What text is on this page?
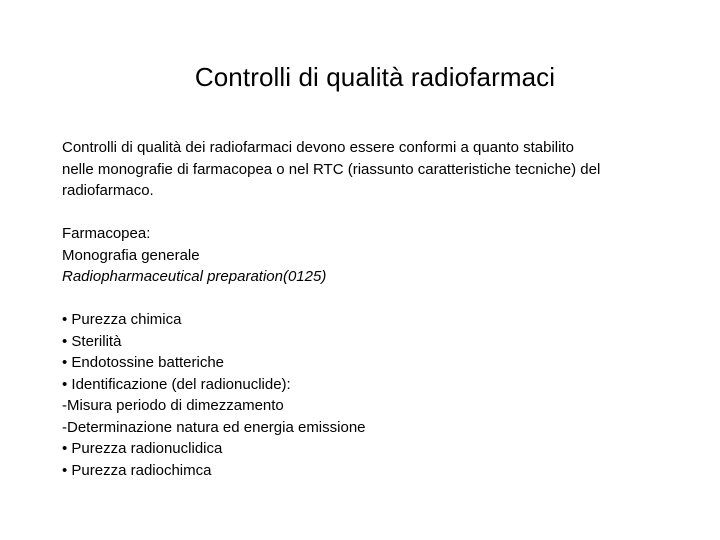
Controlli di qualità radiofarmaci
Controlli di qualità dei radiofarmaci devono essere conformi a quanto stabilito
nelle monografie di farmacopea o nel RTC (riassunto caratteristiche tecniche) del
radiofarmaco.
Farmacopea:
Monografia generale
Radiopharmaceutical preparation(0125)
• Purezza chimica
• Sterilità
• Endotossine batteriche
• Identificazione (del radionuclide):
-Misura periodo di dimezzamento
-Determinazione natura ed energia emissione
• Purezza radionuclidica
• Purezza radiochimca
